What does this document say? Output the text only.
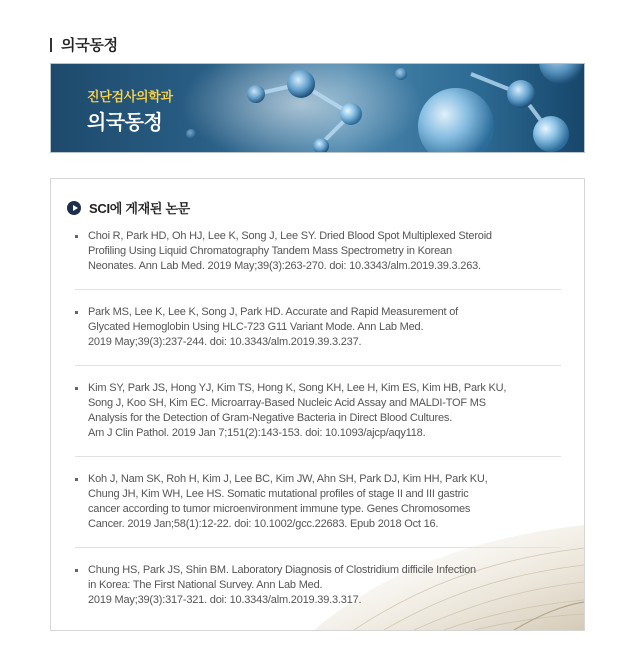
의국동정
진단검사의학과
의국동정
SCI에 게재된 논문
Choi R, Park HD, Oh HJ, Lee K, Song J, Lee SY. Dried Blood Spot Multiplexed Steroid
Profiling Using Liquid Chromatography Tandem Mass Spectrometry in Korean
Neonates. Ann Lab Med. 2019 May;39(3):263-270. doi: 10.3343/alm.2019.39.3.263.
Park MS, Lee K, Lee K, Song J, Park HD. Accurate and Rapid Measurement of
Glycated Hemoglobin Using HLC-723 G11 Variant Mode. Ann Lab Med.
2019 May;39(3):237-244. doi: 10.3343/alm.2019.39.3.237.
Kim SY, Park JS, Hong YJ, Kim TS, Hong K, Song KH, Lee H, Kim ES, Kim HB, Park KU,
Song J, Koo SH, Kim EC. Microarray-Based Nucleic Acid Assay and MALDI-TOF MS
Analysis for the Detection of Gram-Negative Bacteria in Direct Blood Cultures.
Am J Clin Pathol. 2019 Jan 7;151(2):143-153. doi: 10.1093/ajcp/aqy118.
Koh J, Nam SK, Roh H, Kim J, Lee BC, Kim JW, Ahn SH, Park DJ, Kim HH, Park KU,
Chung JH, Kim WH, Lee HS. Somatic mutational profiles of stage II and III gastric
cancer according to tumor microenvironment immune type. Genes Chromosomes
Cancer. 2019 Jan;58(1):12-22. doi: 10.1002/gcc.22683. Epub 2018 Oct 16.
Chung HS, Park JS, Shin BM. Laboratory Diagnosis of Clostridium difficile Infection
in Korea: The First National Survey. Ann Lab Med.
2019 May;39(3):317-321. doi: 10.3343/alm.2019.39.3.317.
